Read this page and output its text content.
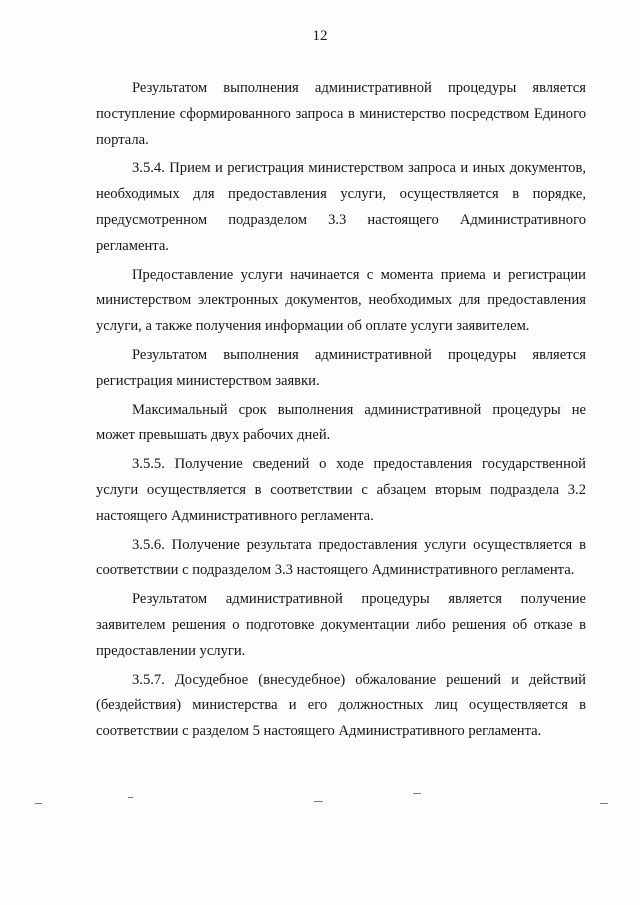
12

Результатом выполнения административной процедуры является поступление сформированного запроса в министерство посредством Единого портала.

3.5.4. Прием и регистрация министерством запроса и иных документов, необходимых для предоставления услуги, осуществляется в порядке, предусмотренном подразделом 3.3 настоящего Административного регламента.

Предоставление услуги начинается с момента приема и регистрации министерством электронных документов, необходимых для предоставления услуги, а также получения информации об оплате услуги заявителем.

Результатом выполнения административной процедуры является регистрация министерством заявки.

Максимальный срок выполнения административной процедуры не может превышать двух рабочих дней.

3.5.5. Получение сведений о ходе предоставления государственной услуги осуществляется в соответствии с абзацем вторым подраздела 3.2 настоящего Административного регламента.

3.5.6. Получение результата предоставления услуги осуществляется в соответствии с подразделом 3.3 настоящего Административного регламента.

Результатом административной процедуры является получение заявителем решения о подготовке документации либо решения об отказе в предоставлении услуги.

3.5.7. Досудебное (внесудебное) обжалование решений и действий (бездействия) министерства и его должностных лиц осуществляется в соответствии с разделом 5 настоящего Административного регламента.
